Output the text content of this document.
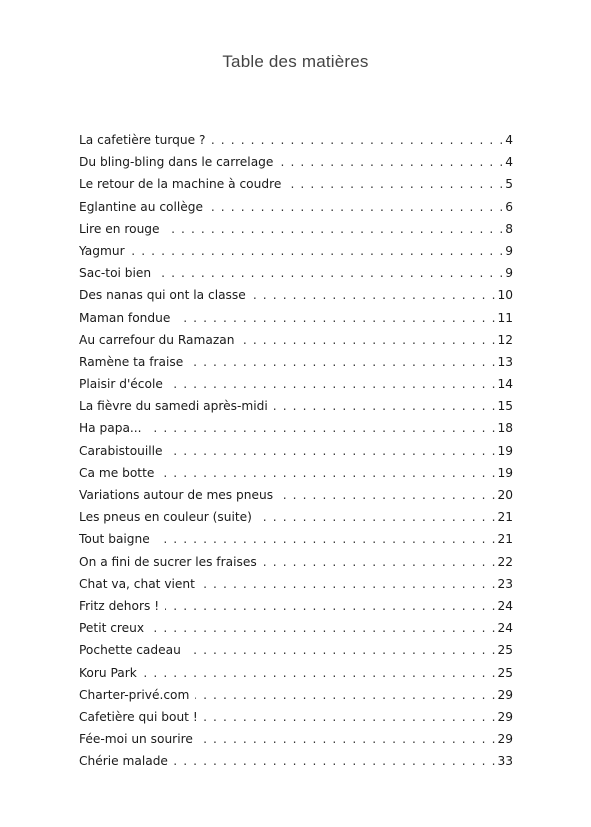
Table des matières
La cafetière turque ? . . .	4
Du bling-bling dans le carrelage . . .	4
Le retour de la machine à coudre . . .	5
Eglantine au collège . . .	6
Lire en rouge . . .	8
Yagmur . . .	9
Sac-toi bien . . .	9
Des nanas qui ont la classe . . .	10
Maman fondue . . .	11
Au carrefour du Ramazan . . .	12
Ramène ta fraise . . .	13
Plaisir d'école . . .	14
La fièvre du samedi après-midi . . .	15
Ha papa... . . .	18
Carabistouille . . .	19
Ca me botte . . .	19
Variations autour de mes pneus . . .	20
Les pneus en couleur (suite) . . .	21
Tout baigne . . .	21
On a fini de sucrer les fraises . . .	22
Chat va, chat vient . . .	23
Fritz dehors ! . . .	24
Petit creux . . .	24
Pochette cadeau . . .	25
Koru Park . . .	25
Charter-privé.com . . .	29
Cafetière qui bout ! . . .	29
Fée-moi un sourire . . .	29
Chérie malade . . .	33
